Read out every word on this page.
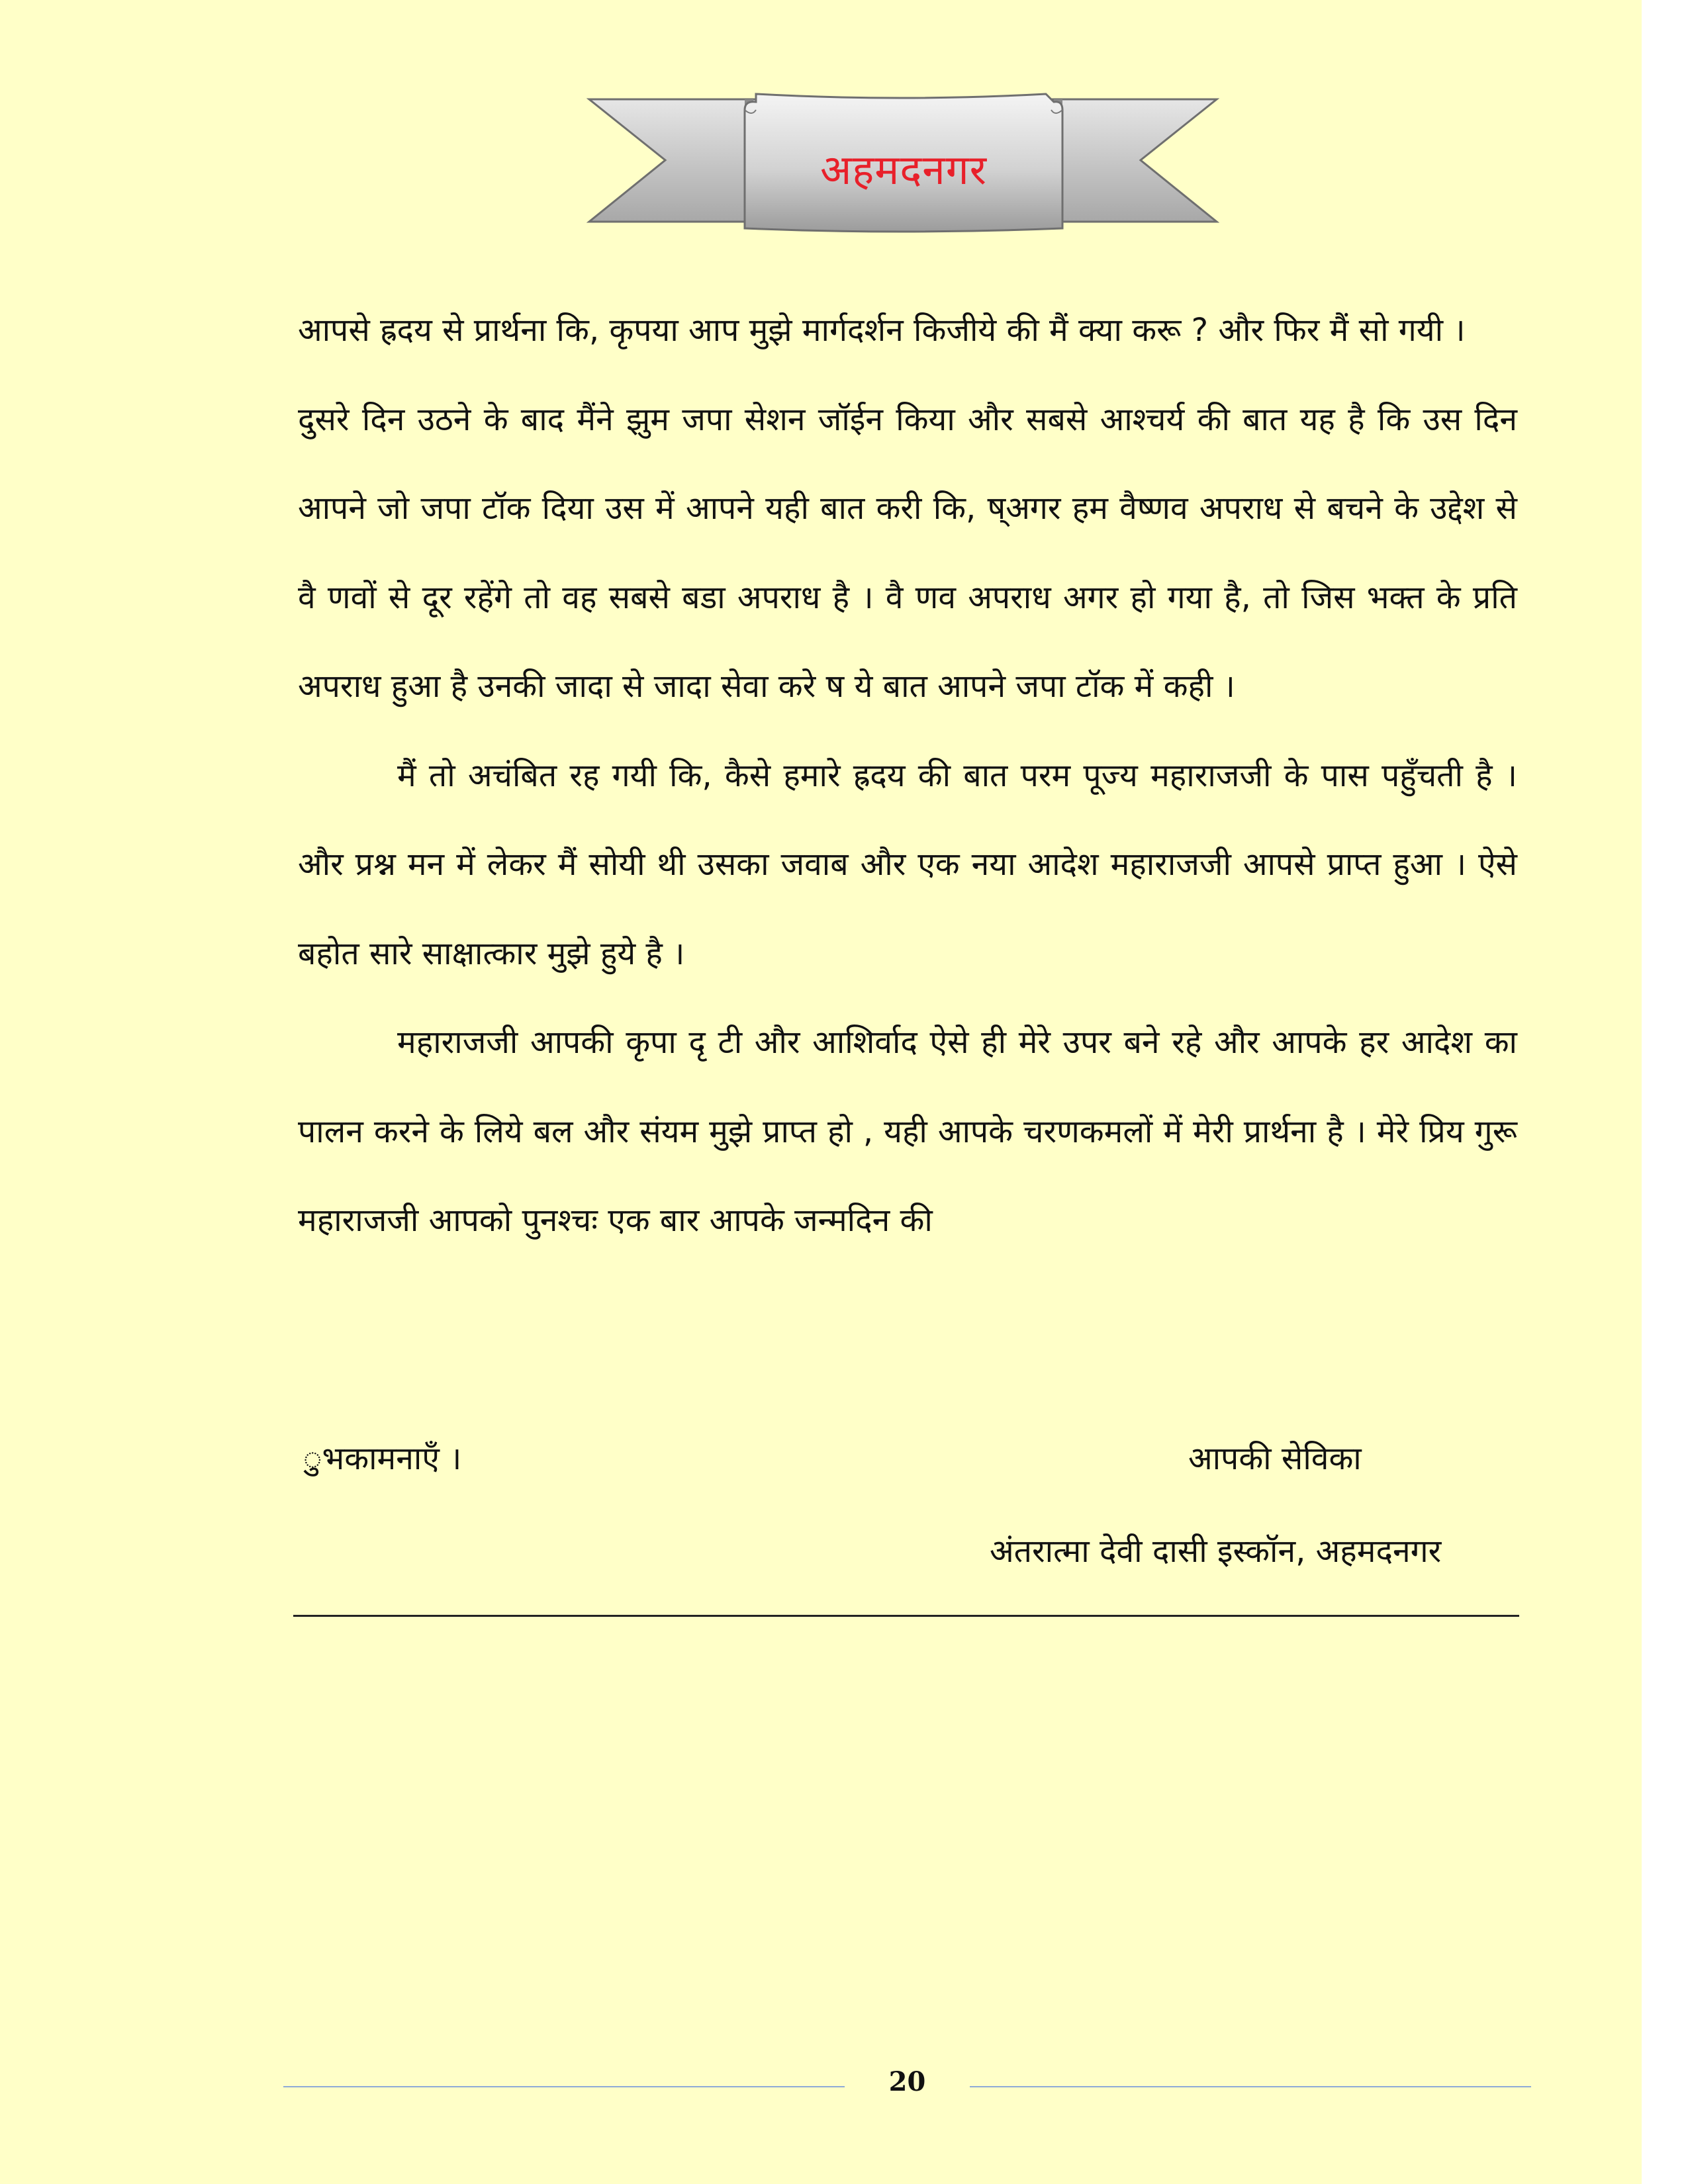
अहमदनगर

आपसे ह्रदय से प्रार्थना कि, कृपया आप मुझे मार्गदर्शन किजीये की मैं क्या करू ? और फिर मैं सो गयी ।

दुसरे दिन उठने के बाद मैंने झुम जपा सेशन जॉईन किया और सबसे आश्चर्य की बात यह है कि उस दिन आपने जो जपा टॉक दिया उस में आपने यही बात करी कि, ष्अगर हम वैष्णव अपराध से बचने के उद्देश से वै णवों से दूर रहेंगे तो वह सबसे बडा अपराध है । वै णव अपराध अगर हो गया है, तो जिस भक्त के प्रति अपराध हुआ है उनकी जादा से जादा सेवा करे ष ये बात आपने जपा टॉक में कही ।

मैं तो अचंबित रह गयी कि, कैसे हमारे ह्रदय की बात परम पूज्य महाराजजी के पास पहुँचती है । और प्रश्न मन में लेकर मैं सोयी थी उसका जवाब और एक नया आदेश महाराजजी आपसे प्राप्त हुआ । ऐसे बहोत सारे साक्षात्कार मुझे हुये है ।

महाराजजी आपकी कृपा दृ टी और आशिर्वाद ऐसे ही मेरे उपर बने रहे और आपके हर आदेश का पालन करने के लिये बल और संयम मुझे प्राप्त हो , यही आपके चरणकमलों में मेरी प्रार्थना है । मेरे प्रिय गुरू महाराजजी आपको पुनश्चः एक बार आपके जन्मदिन की

ुभकामनाएँ ।	आपकी सेविका
अंतरात्मा देवी दासी इस्कॉन, अहमदनगर
20
